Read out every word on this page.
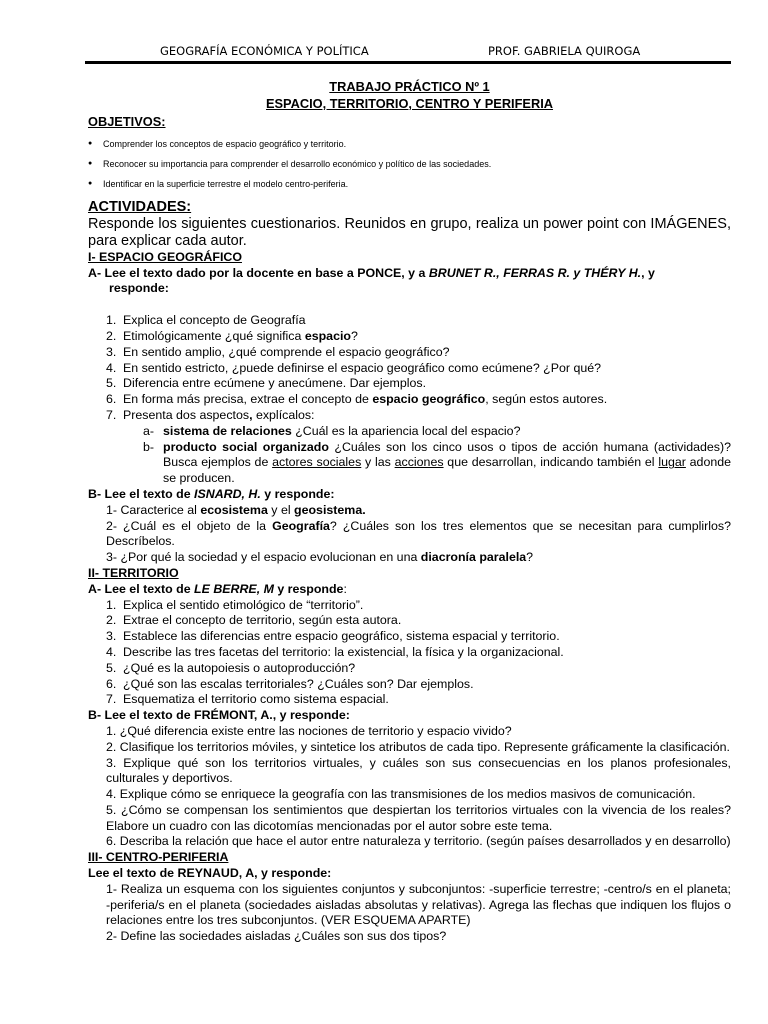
GEOGRAFÍA ECONÓMICA Y POLÍTICA	PROF. GABRIELA QUIROGA
TRABAJO PRÁCTICO Nº 1
ESPACIO, TERRITORIO, CENTRO Y PERIFERIA
OBJETIVOS:
● Comprender los conceptos de espacio geográfico y territorio.
● Reconocer su importancia para comprender el desarrollo económico y político de las sociedades.
● Identificar en la superficie terrestre el modelo centro-periferia.
ACTIVIDADES:
Responde los siguientes cuestionarios. Reunidos en grupo, realiza un power point con IMÁGENES, para explicar cada autor.
I- ESPACIO GEOGRÁFICO
A- Lee el texto dado por la docente en base a PONCE, y a BRUNET R., FERRAS R. y THÉRY H., y
responde:
1. Explica el concepto de Geografía
2. Etimológicamente ¿qué significa espacio?
3. En sentido amplio, ¿qué comprende el espacio geográfico?
4. En sentido estricto, ¿puede definirse el espacio geográfico como ecúmene? ¿Por qué?
5. Diferencia entre ecúmene y anecúmene. Dar ejemplos.
6. En forma más precisa, extrae el concepto de espacio geográfico, según estos autores.
7. Presenta dos aspectos, explícalos:
a- sistema de relaciones ¿Cuál es la apariencia local del espacio?
b- producto social organizado ¿Cuáles son los cinco usos o tipos de acción humana (actividades)? Busca ejemplos de actores sociales y las acciones que desarrollan, indicando también el lugar adonde se producen.
B- Lee el texto de ISNARD, H. y responde:
1- Caracterice al ecosistema y el geosistema.
2- ¿Cuál es el objeto de la Geografía? ¿Cuáles son los tres elementos que se necesitan para cumplirlos? Descríbelos.
3- ¿Por qué la sociedad y el espacio evolucionan en una diacronía paralela?
II- TERRITORIO
A- Lee el texto de LE BERRE, M y responde:
1. Explica el sentido etimológico de “territorio”.
2. Extrae el concepto de territorio, según esta autora.
3. Establece las diferencias entre espacio geográfico, sistema espacial y territorio.
4. Describe las tres facetas del territorio: la existencial, la física y la organizacional.
5. ¿Qué es la autopoiesis o autoproducción?
6. ¿Qué son las escalas territoriales? ¿Cuáles son? Dar ejemplos.
7. Esquematiza el territorio como sistema espacial.
B- Lee el texto de FRÉMONT, A., y responde:
1. ¿Qué diferencia existe entre las nociones de territorio y espacio vivido?
2. Clasifique los territorios móviles, y sintetice los atributos de cada tipo. Represente gráficamente la clasificación.
3. Explique qué son los territorios virtuales, y cuáles son sus consecuencias en los planos profesionales, culturales y deportivos.
4. Explique cómo se enriquece la geografía con las transmisiones de los medios masivos de comunicación.
5. ¿Cómo se compensan los sentimientos que despiertan los territorios virtuales con la vivencia de los reales? Elabore un cuadro con las dicotomías mencionadas por el autor sobre este tema.
6. Describa la relación que hace el autor entre naturaleza y territorio. (según países desarrollados y en desarrollo)
III- CENTRO-PERIFERIA
Lee el texto de REYNAUD, A, y responde:
1- Realiza un esquema con los siguientes conjuntos y subconjuntos: -superficie terrestre; -centro/s en el planeta; -periferia/s en el planeta (sociedades aisladas absolutas y relativas). Agrega las flechas que indiquen los flujos o relaciones entre los tres subconjuntos. (VER ESQUEMA APARTE)
2- Define las sociedades aisladas ¿Cuáles son sus dos tipos?
